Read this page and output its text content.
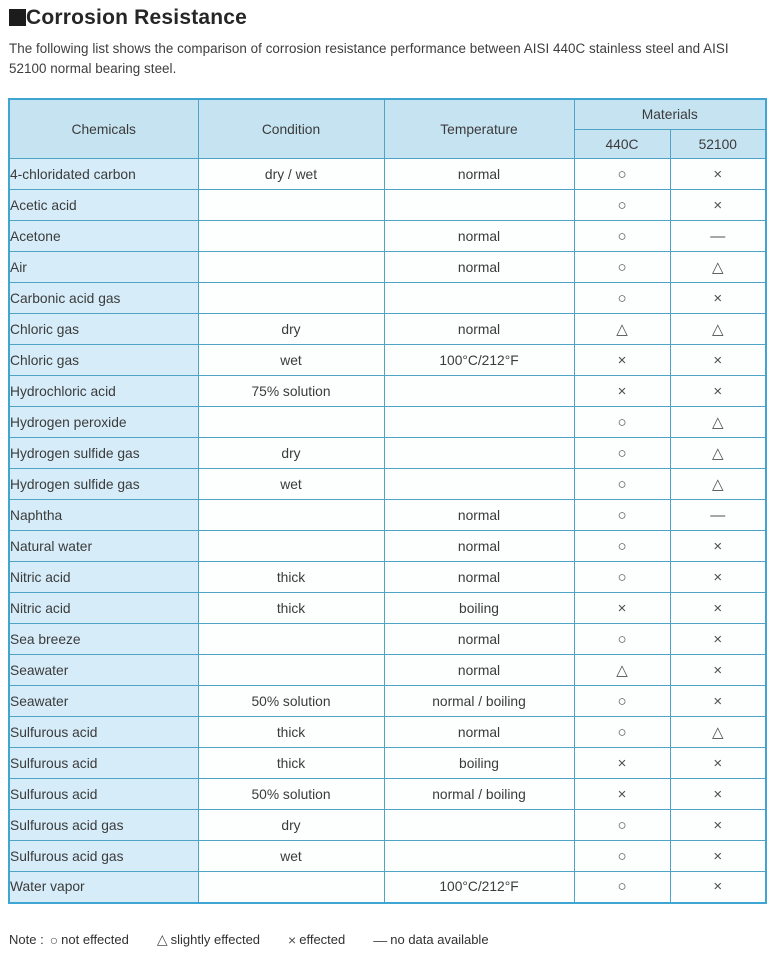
Corrosion Resistance

The following list shows the comparison of corrosion resistance performance between AISI 440C stainless steel and AISI 52100 normal bearing steel.

Chemicals	Condition	Temperature	Materials	
			440C	52100
4-chloridated carbon	dry / wet	normal	○	×
Acetic acid			○	×
Acetone		normal	○	—
Air		normal	○	△
Carbonic acid gas			○	×
Chloric gas	dry	normal	△	△
Chloric gas	wet	100°C/212°F	×	×
Hydrochloric acid	75% solution		×	×
Hydrogen peroxide			○	△
Hydrogen sulfide gas	dry		○	△
Hydrogen sulfide gas	wet		○	△
Naphtha		normal	○	—
Natural water		normal	○	×
Nitric acid	thick	normal	○	×
Nitric acid	thick	boiling	×	×
Sea breeze		normal	○	×
Seawater		normal	△	×
Seawater	50% solution	normal / boiling	○	×
Sulfurous acid	thick	normal	○	△
Sulfurous acid	thick	boiling	×	×
Sulfurous acid	50% solution	normal / boiling	×	×
Sulfurous acid gas	dry		○	×
Sulfurous acid gas	wet		○	×
Water vapor		100°C/212°F	○	×
Note : ○ not effected △ slightly effected × effected — no data available
